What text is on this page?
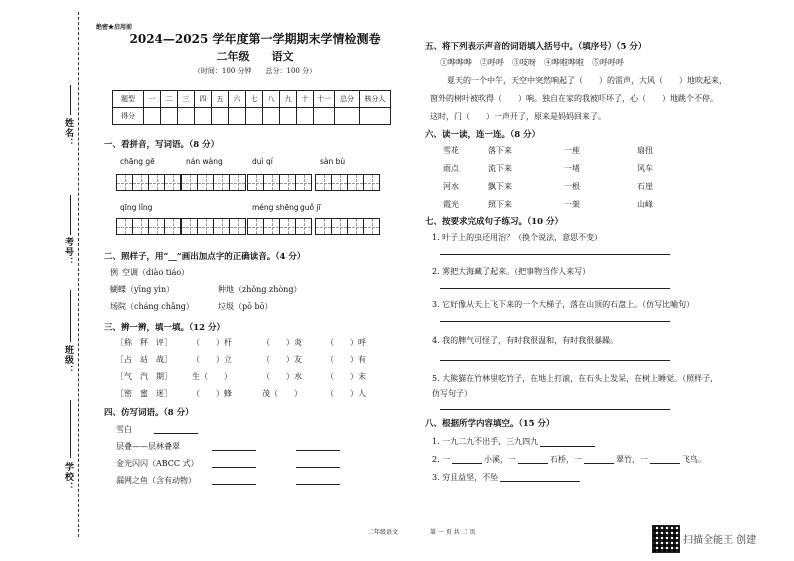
绝密★启用前
姓名：
考号：
班级：
学校：
2024—2025 学年度第一学期期末学情检测卷
二年级　　语文
（时间：100 分钟　　总分：100 分）
题型	一	二	三	四	五	六	七	八	九	十	十一	总分	核分人
得分													
一、看拼音，写词语。（8 分）
chāng gē	nán wàng	duì qí	sàn bù
qīng lǐng	méng shēng guǒ jī
二、照样子，用“__”画出加点字的正确读音。（4 分）
例 空调（diào tiáo）
蝴蝶（yīng yìn）	种地（zhǒng zhòng）
场院（cháng chǎng）	垃圾（pō bō）
三、辨一辨，填一填。（12 分）
［称　秤　评］	（　　）杆	（　　）炎	（　　）呼
［占　站　战］	（　　）立	（　　）友	（　　）有
［气　汽　期］	生（　　）	（　　）水	（　　）末
［密　蜜　迷］	（　　）蜂	茂（　　）	（　　）人
四、仿写词语。（8 分）
雪白
层叠——层林叠翠
金光闪闪（ABCC 式）
漏网之鱼（含有动物）
五、将下列表示声音的词语填入括号中。（填序号）（5 分）
①哗哗哗　②呼呼　③吱呀　④哗啦哗啦　⑤呼呼呼
夏天的一个中午，天空中突然响起了（　　）的雷声，大风（　　）地吹起来，
窗外的树叶被吹得（　　）响。独自在家的我被吓坏了，心（　　）地跳个不停。
这时，门（　　）一声开了，原来是妈妈回来了。
六、读一读，连一连。（8 分）
雪花	落下来	一座	扇扭
雨点	流下来	一堵	风车
河水	飘下来	一根	石崖
霞光	照下来	一架	山峰
七、按要求完成句子练习。（10 分）
1. 叶子上的虫还用治？（换个说法，意思不变）
2. 雾把大海藏了起来。（把事物当作人来写）
3. 它好像从天上飞下来的一个大梯子，落在山顶的石盘上。（仿写比喻句）
4. 我的脾气可怪了，有时我很温和，有时我很暴躁。
5. 大熊猫在竹林里吃竹子，在地上打滚，在石头上发呆，在树上睡觉。（照样子，
仿写句子）
八、根据所学内容填空。（15 分）
1. 一九二九不出手，三九四九
2. 一	小溪，一	石桥，一	翠竹，一	飞鸟。
3. 穷且益坚，不坠
二年级语文	第 一 页 共 二 页
扫描全能王 创建
